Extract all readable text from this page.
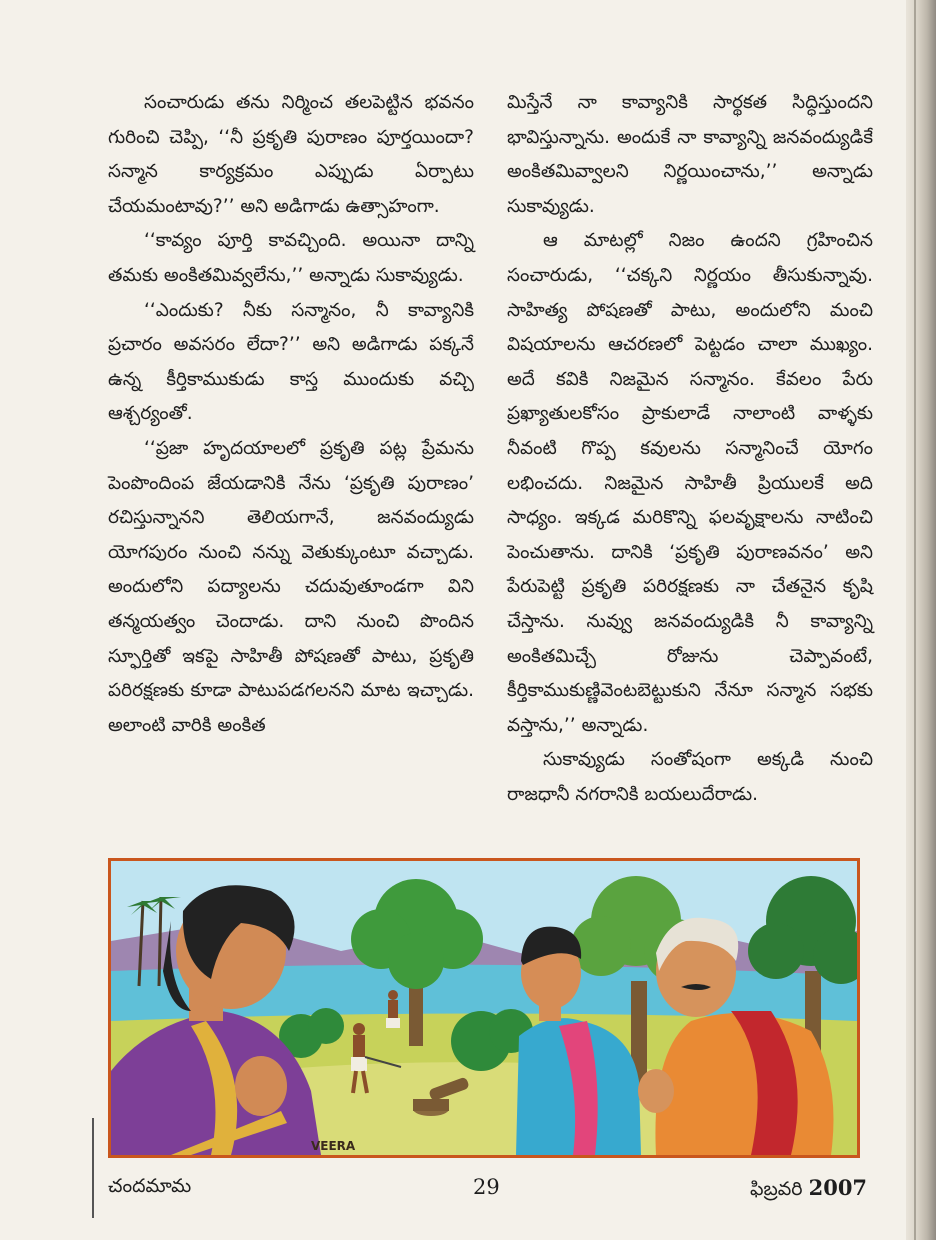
సంచారుడు తను నిర్మించ తలపెట్టిన భవనం గురించి చెప్పి, ‘‘నీ ప్రకృతి పురాణం పూర్తయిందా? సన్మాన కార్యక్రమం ఎప్పుడు ఏర్పాటు చేయమంటావు?’’ అని అడిగాడు ఉత్సాహంగా.

‘‘కావ్యం పూర్తి కావచ్చింది. అయినా దాన్ని తమకు అంకితమివ్వలేను,’’ అన్నాడు సుకావ్యుడు.

‘‘ఎందుకు? నీకు సన్మానం, నీ కావ్యానికి ప్రచారం అవసరం లేదా?’’ అని అడిగాడు పక్కనే ఉన్న కీర్తికాముకుడు కాస్త ముందుకు వచ్చి ఆశ్చర్యంతో.

‘‘ప్రజా హృదయాలలో ప్రకృతి పట్ల ప్రేమను పెంపొందింప జేయడానికి నేను ‘ప్రకృతి పురాణం’ రచిస్తున్నానని తెలియగానే, జనవంద్యుడు యోగపురం నుంచి నన్ను వెతుక్కుంటూ వచ్చాడు. అందులోని పద్యాలను చదువుతూండగా విని తన్మయత్వం చెందాడు. దాని నుంచి పొందిన స్ఫూర్తితో ఇకపై సాహితీ పోషణతో పాటు, ప్రకృతి పరిరక్షణకు కూడా పాటుపడగలనని మాట ఇచ్చాడు. అలాంటి వారికి అంకిత

మిస్తేనే నా కావ్యానికి సార్థకత సిద్ధిస్తుందని భావిస్తున్నాను. అందుకే నా కావ్యాన్ని జనవంద్యుడికే అంకితమివ్వాలని నిర్ణయించాను,’’ అన్నాడు సుకావ్యుడు.

ఆ మాటల్లో నిజం ఉందని గ్రహించిన సంచారుడు, ‘‘చక్కని నిర్ణయం తీసుకున్నావు. సాహిత్య పోషణతో పాటు, అందులోని మంచి విషయాలను ఆచరణలో పెట్టడం చాలా ముఖ్యం. అదే కవికి నిజమైన సన్మానం. కేవలం పేరు ప్రఖ్యాతులకోసం ప్రాకులాడే నాలాంటి వాళ్ళకు నీవంటి గొప్ప కవులను సన్మానించే యోగం లభించదు. నిజమైన సాహితీ ప్రియులకే అది సాధ్యం. ఇక్కడ మరికొన్ని ఫలవృక్షాలను నాటించి పెంచుతాను. దానికి ‘ప్రకృతి పురాణవనం’ అని పేరుపెట్టి ప్రకృతి పరిరక్షణకు నా చేతనైన కృషి చేస్తాను. నువ్వు జనవంద్యుడికి నీ కావ్యాన్ని అంకితమిచ్చే రోజును చెప్పావంటే, కీర్తికాముకుణ్ణివెంటబెట్టుకుని నేనూ సన్మాన సభకు వస్తాను,’’ అన్నాడు.

సుకావ్యుడు సంతోషంగా అక్కడి నుంచి రాజధానీ నగరానికి బయలుదేరాడు.

VEERA
చందమామ	29	ఫిబ్రవరి 2007
